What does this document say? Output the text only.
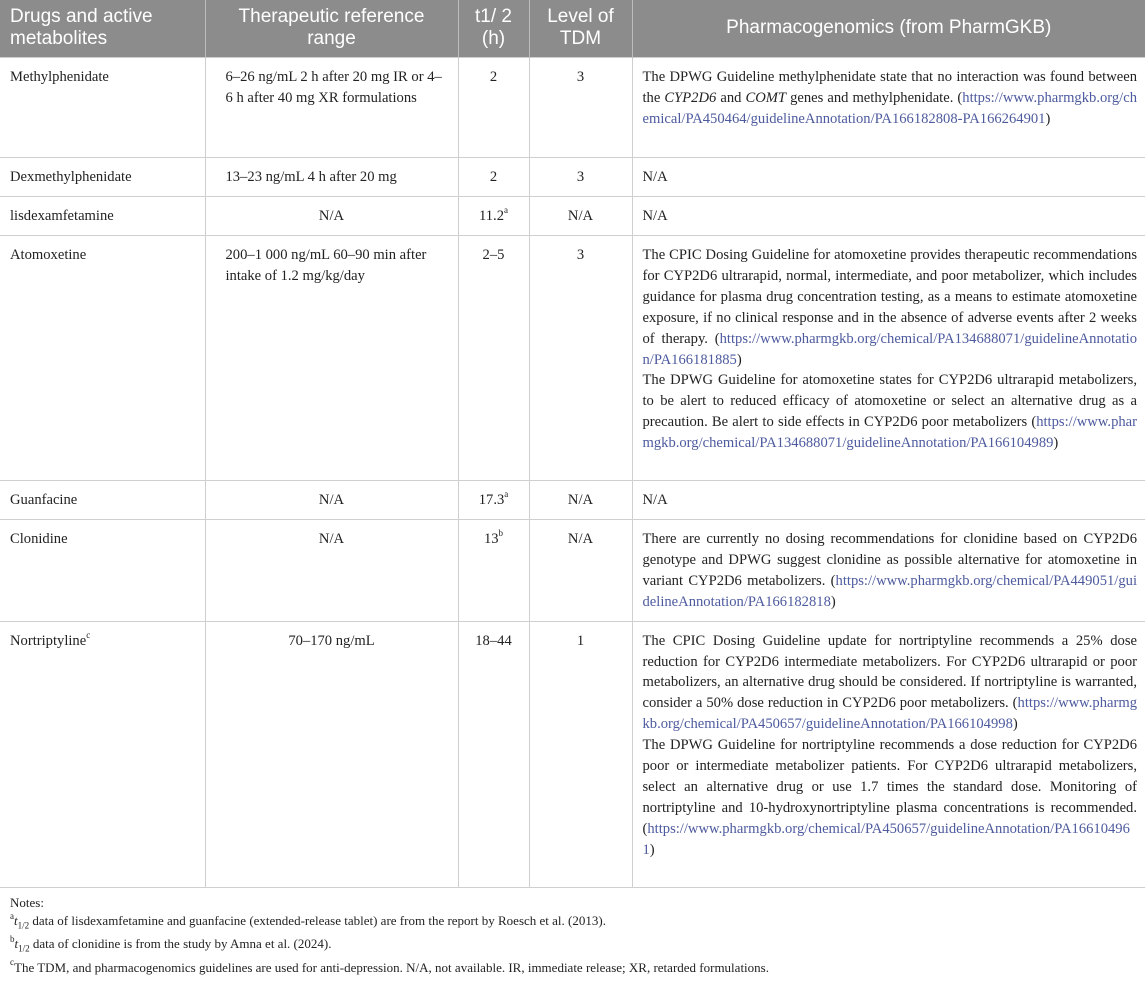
Drugs and active metabolites	Therapeutic reference range	t1/ 2 (h)	Level of TDM	Pharmacogenomics (from PharmGKB)
Methylphenidate	6–26 ng/mL 2 h after 20 mg IR or 4–6 h after 40 mg XR formulations	2	3	The DPWG Guideline methylphenidate state that no interaction was found between the CYP2D6 and COMT genes and methylphenidate. (https://www.pharmgkb.org/chemical/PA450464/guidelineAnnotation/PA166182808-PA166264901)
Dexmethylphenidate	13–23 ng/mL 4 h after 20 mg	2	3	N/A
lisdexamfetamine	N/A	11.2$^a$	N/A	N/A
Atomoxetine	200–1 000 ng/mL 60–90 min after intake of 1.2 mg/kg/day	2–5	3	The CPIC Dosing Guideline for atomoxetine provides therapeutic recommendations for CYP2D6 ultrarapid, normal, intermediate, and poor metabolizer, which includes guidance for plasma drug concentration testing, as a means to estimate atomoxetine exposure, if no clinical response and in the absence of adverse events after 2 weeks of therapy. (https://www.pharmgkb.org/chemical/PA134688071/guidelineAnnotation/PA166181885)
The DPWG Guideline for atomoxetine states for CYP2D6 ultrarapid metabolizers, to be alert to reduced efficacy of atomoxetine or select an alternative drug as a precaution. Be alert to side effects in CYP2D6 poor metabolizers (https://www.pharmgkb.org/chemical/PA134688071/guidelineAnnotation/PA166104989)

Guanfacine	N/A	17.3$^a$	N/A	N/A
Clonidine	N/A	13$^b$	N/A	There are currently no dosing recommendations for clonidine based on CYP2D6 genotype and DPWG suggest clonidine as possible alternative for atomoxetine in variant CYP2D6 metabolizers. (https://www.pharmgkb.org/chemical/PA449051/guidelineAnnotation/PA166182818)
Nortriptyline$^c$	70–170 ng/mL	18–44	1	The CPIC Dosing Guideline update for nortriptyline recommends a 25% dose reduction for CYP2D6 intermediate metabolizers. For CYP2D6 ultrarapid or poor metabolizers, an alternative drug should be considered. If nortriptyline is warranted, consider a 50% dose reduction in CYP2D6 poor metabolizers. (https://www.pharmgkb.org/chemical/PA450657/guidelineAnnotation/PA166104998)
The DPWG Guideline for nortriptyline recommends a dose reduction for CYP2D6 poor or intermediate metabolizer patients. For CYP2D6 ultrarapid metabolizers, select an alternative drug or use 1.7 times the standard dose. Monitoring of nortriptyline and 10-hydroxynortriptyline plasma concentrations is recommended. (https://www.pharmgkb.org/chemical/PA450657/guidelineAnnotation/PA166104961)
Notes:
$^at_{1/2}$ data of lisdexamfetamine and guanfacine (extended-release tablet) are from the report by Roesch et al. (2013).
$^bt_{1/2}$ data of clonidine is from the study by Amna et al. (2024).
$^c$The TDM, and pharmacogenomics guidelines are used for anti-depression. N/A, not available. IR, immediate release; XR, retarded formulations.
